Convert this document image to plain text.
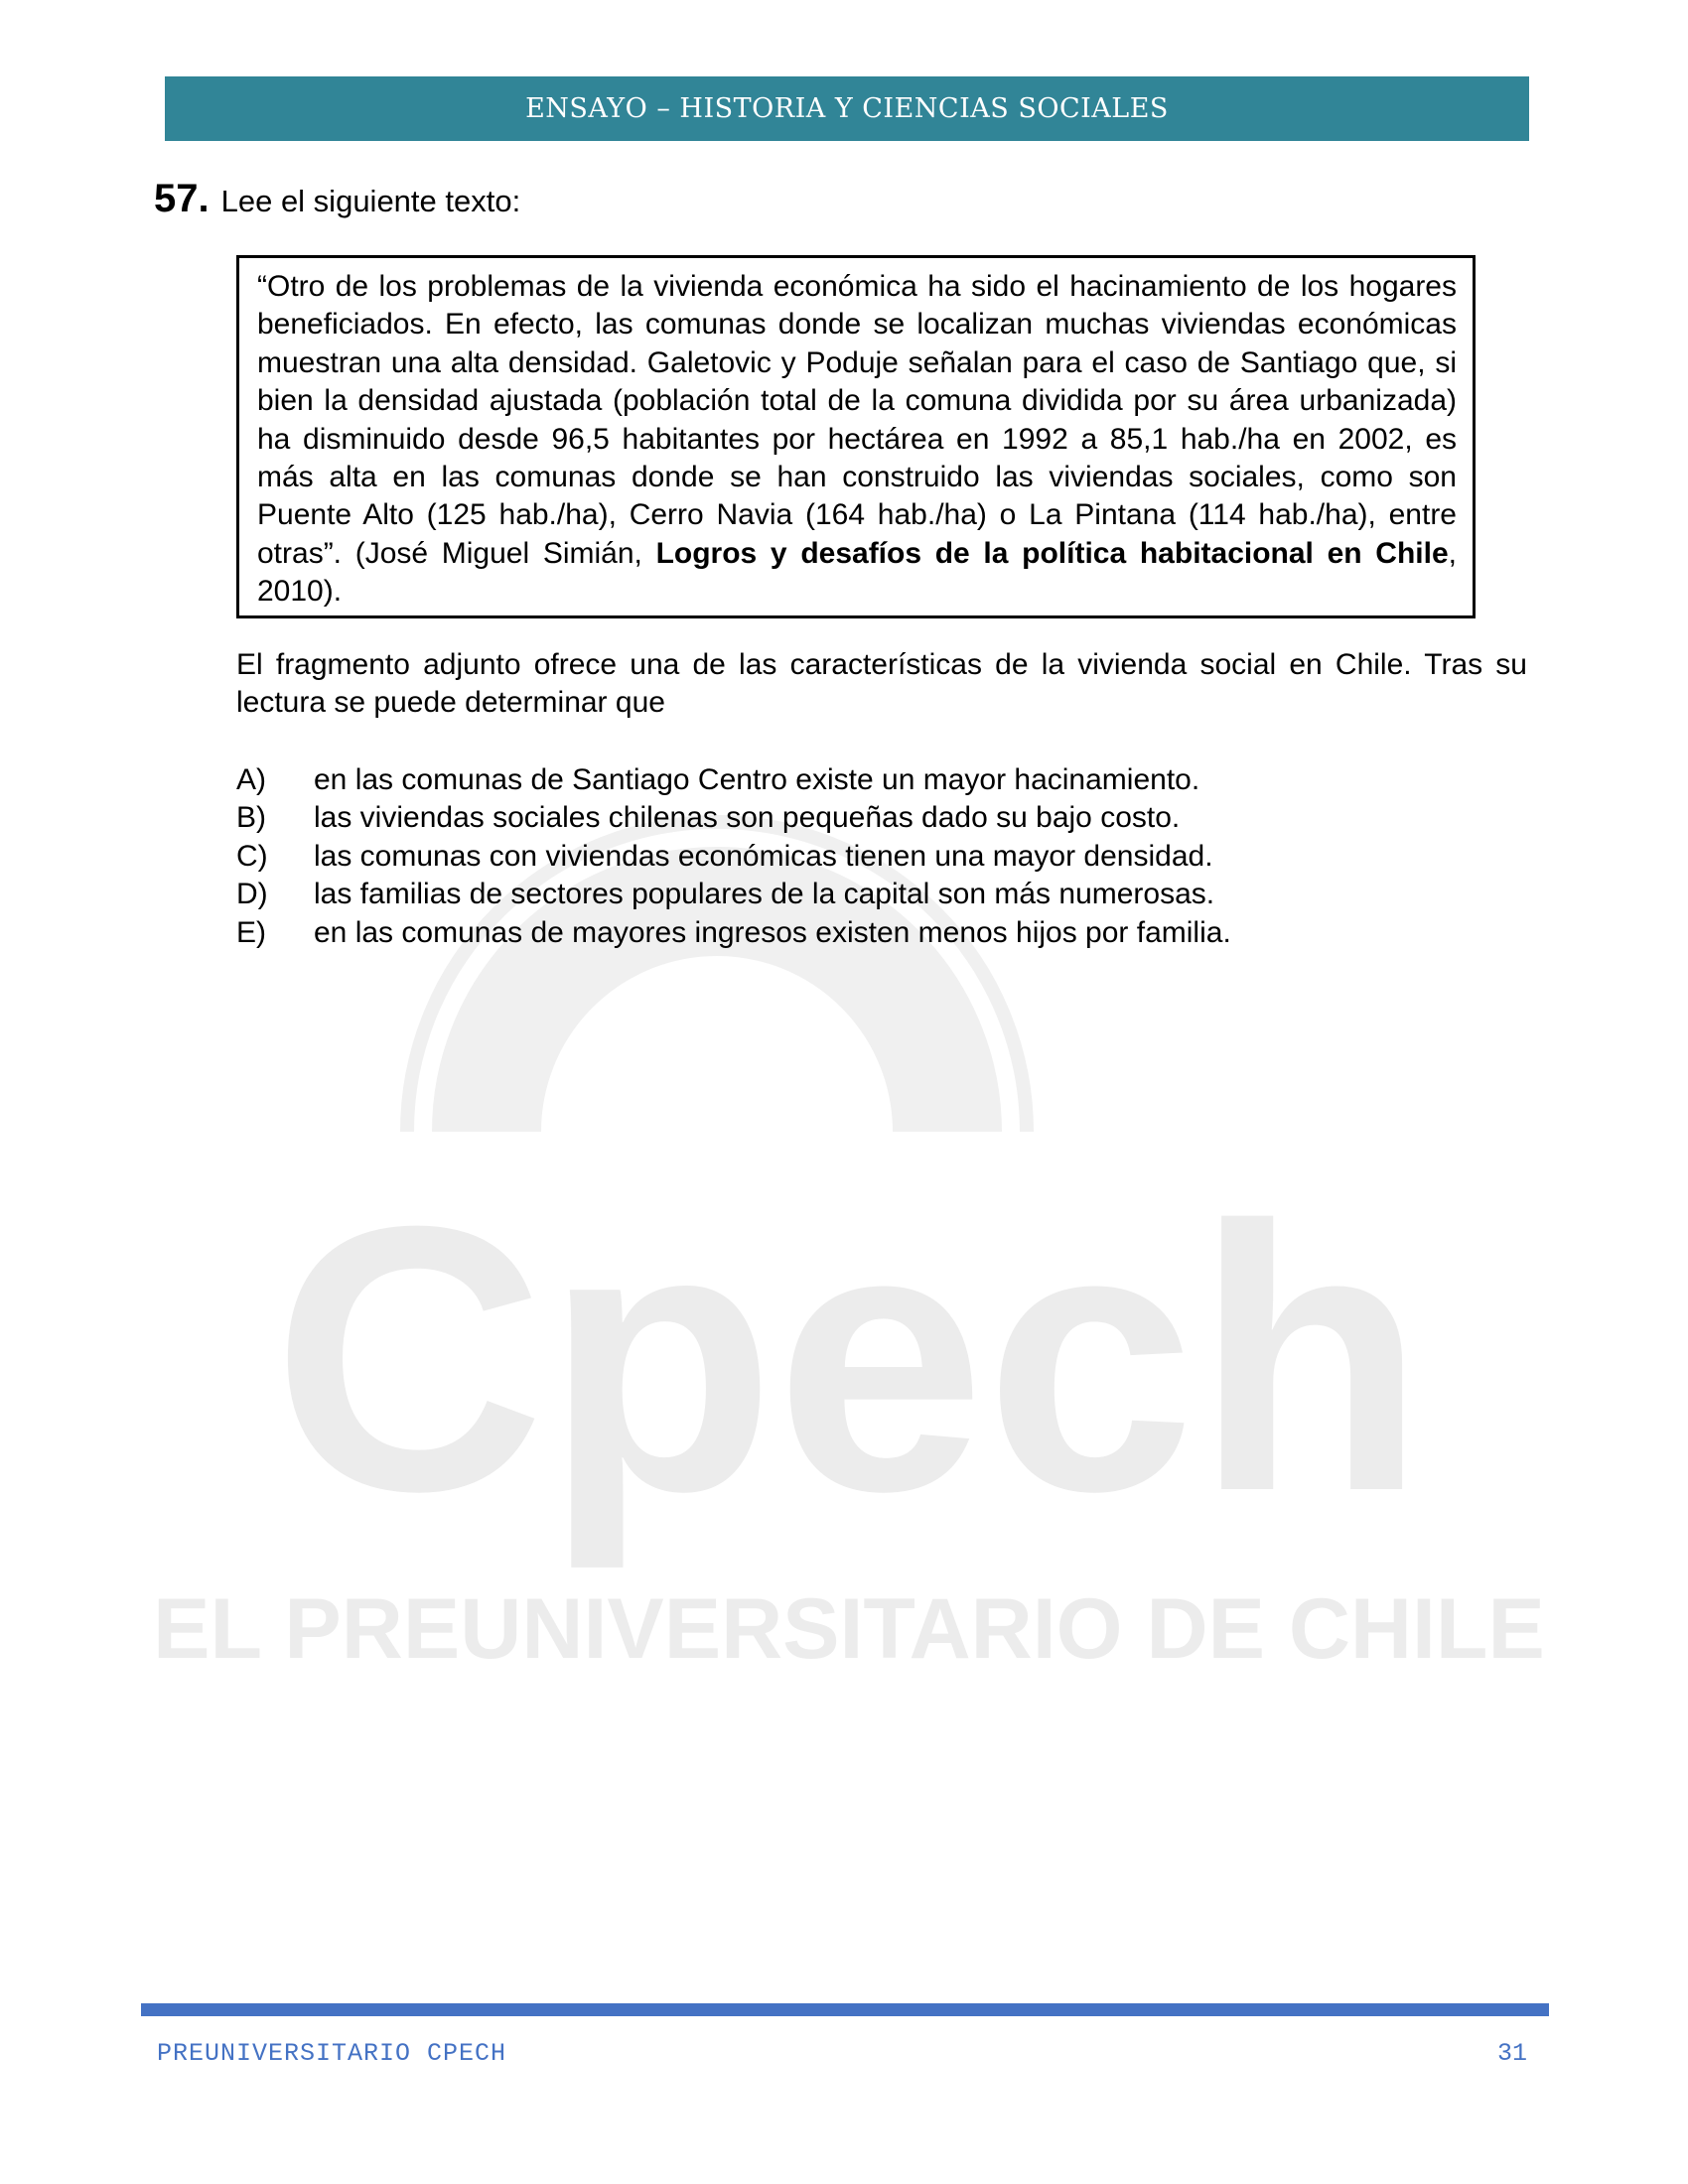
Cpech
EL PREUNIVERSITARIO DE CHILE
ENSAYO – HISTORIA Y CIENCIAS SOCIALES
57. Lee el siguiente texto:

“Otro de los problemas de la vivienda económica ha sido el hacinamiento de los hogares beneficiados. En efecto, las comunas donde se localizan muchas viviendas económicas muestran una alta densidad. Galetovic y Poduje señalan para el caso de Santiago que, si bien la densidad ajustada (población total de la comuna dividida por su área urbanizada) ha disminuido desde 96,5 habitantes por hectárea en 1992 a 85,1 hab./ha en 2002, es más alta en las comunas donde se han construido las viviendas sociales, como son Puente Alto (125 hab./ha), Cerro Navia (164 hab./ha) o La Pintana (114 hab./ha), entre otras”. (José Miguel Simián, Logros y desafíos de la política habitacional en Chile, 2010).

El fragmento adjunto ofrece una de las características de la vivienda social en Chile. Tras su lectura se puede determinar que

A)	en las comunas de Santiago Centro existe un mayor hacinamiento.
B)	las viviendas sociales chilenas son pequeñas dado su bajo costo.
C)	las comunas con viviendas económicas tienen una mayor densidad.
D)	las familias de sectores populares de la capital son más numerosas.
E)	en las comunas de mayores ingresos existen menos hijos por familia.
PREUNIVERSITARIO CPECH	31
